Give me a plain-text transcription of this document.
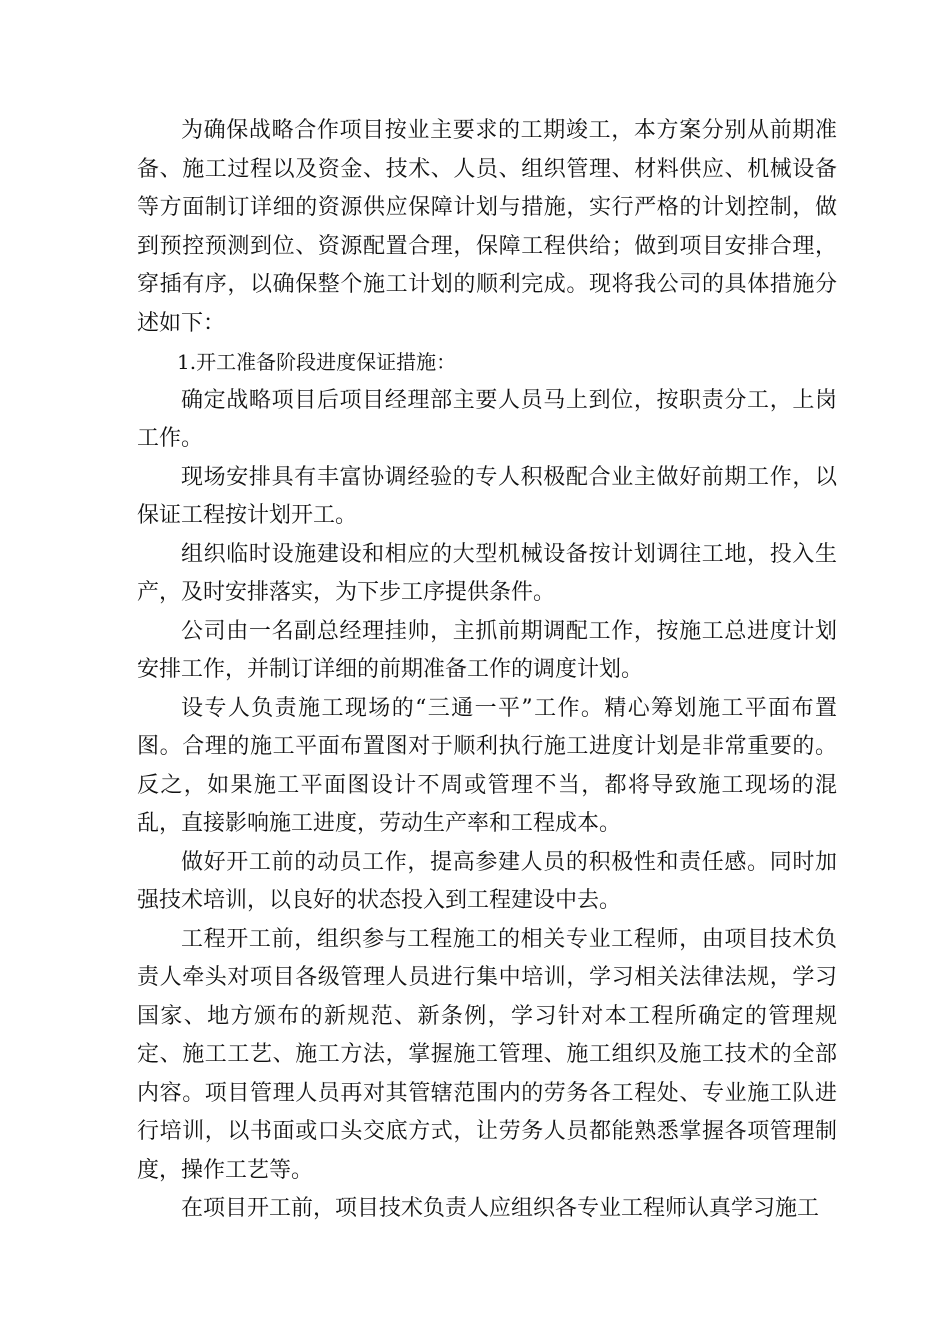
为确保战略合作项目按业主要求的工期竣工，本方案分别从前期准备、施工过程以及资金、技术、人员、组织管理、材料供应、机械设备等方面制订详细的资源供应保障计划与措施，实行严格的计划控制，做到预控预测到位、资源配置合理，保障工程供给；做到项目安排合理，穿插有序，以确保整个施工计划的顺利完成。现将我公司的具体措施分述如下：

1.开工准备阶段进度保证措施：

确定战略项目后项目经理部主要人员马上到位，按职责分工，上岗工作。

现场安排具有丰富协调经验的专人积极配合业主做好前期工作，以保证工程按计划开工。

组织临时设施建设和相应的大型机械设备按计划调往工地，投入生产，及时安排落实，为下步工序提供条件。

公司由一名副总经理挂帅，主抓前期调配工作，按施工总进度计划安排工作，并制订详细的前期准备工作的调度计划。

设专人负责施工现场的“三通一平”工作。精心筹划施工平面布置图。合理的施工平面布置图对于顺利执行施工进度计划是非常重要的。反之，如果施工平面图设计不周或管理不当，都将导致施工现场的混乱，直接影响施工进度，劳动生产率和工程成本。

做好开工前的动员工作，提高参建人员的积极性和责任感。同时加强技术培训，以良好的状态投入到工程建设中去。

工程开工前，组织参与工程施工的相关专业工程师，由项目技术负责人牵头对项目各级管理人员进行集中培训，学习相关法律法规，学习国家、地方颁布的新规范、新条例，学习针对本工程所确定的管理规定、施工工艺、施工方法，掌握施工管理、施工组织及施工技术的全部内容。项目管理人员再对其管辖范围内的劳务各工程处、专业施工队进行培训，以书面或口头交底方式，让劳务人员都能熟悉掌握各项管理制度，操作工艺等。

在项目开工前，项目技术负责人应组织各专业工程师认真学习施工
